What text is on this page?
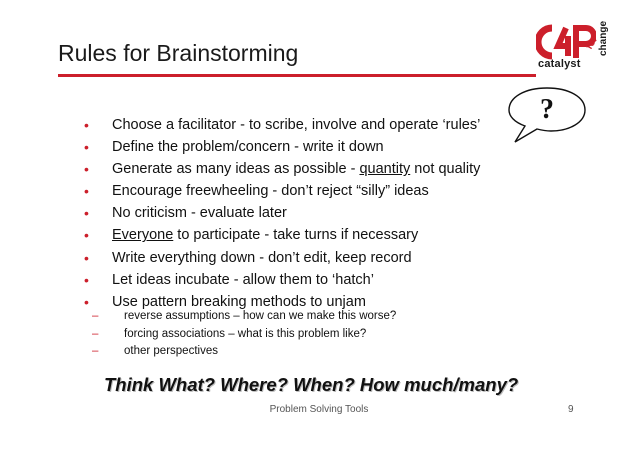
Rules for Brainstorming	catalyst
for
change
?
• Choose a facilitator - to scribe, involve and operate ‘rules’
• Define the problem/concern - write it down
• Generate as many ideas as possible - quantity not quality
• Encourage freewheeling - don’t reject “silly” ideas
• No criticism - evaluate later
• Everyone to participate - take turns if necessary
• Write everything down - don’t edit, keep record
• Let ideas incubate - allow them to ‘hatch’
• Use pattern breaking methods to unjam
– reverse assumptions – how can we make this worse?
– forcing associations – what is this problem like?
– other perspectives
Think What? Where? When? How much/many?
Problem Solving Tools	9
